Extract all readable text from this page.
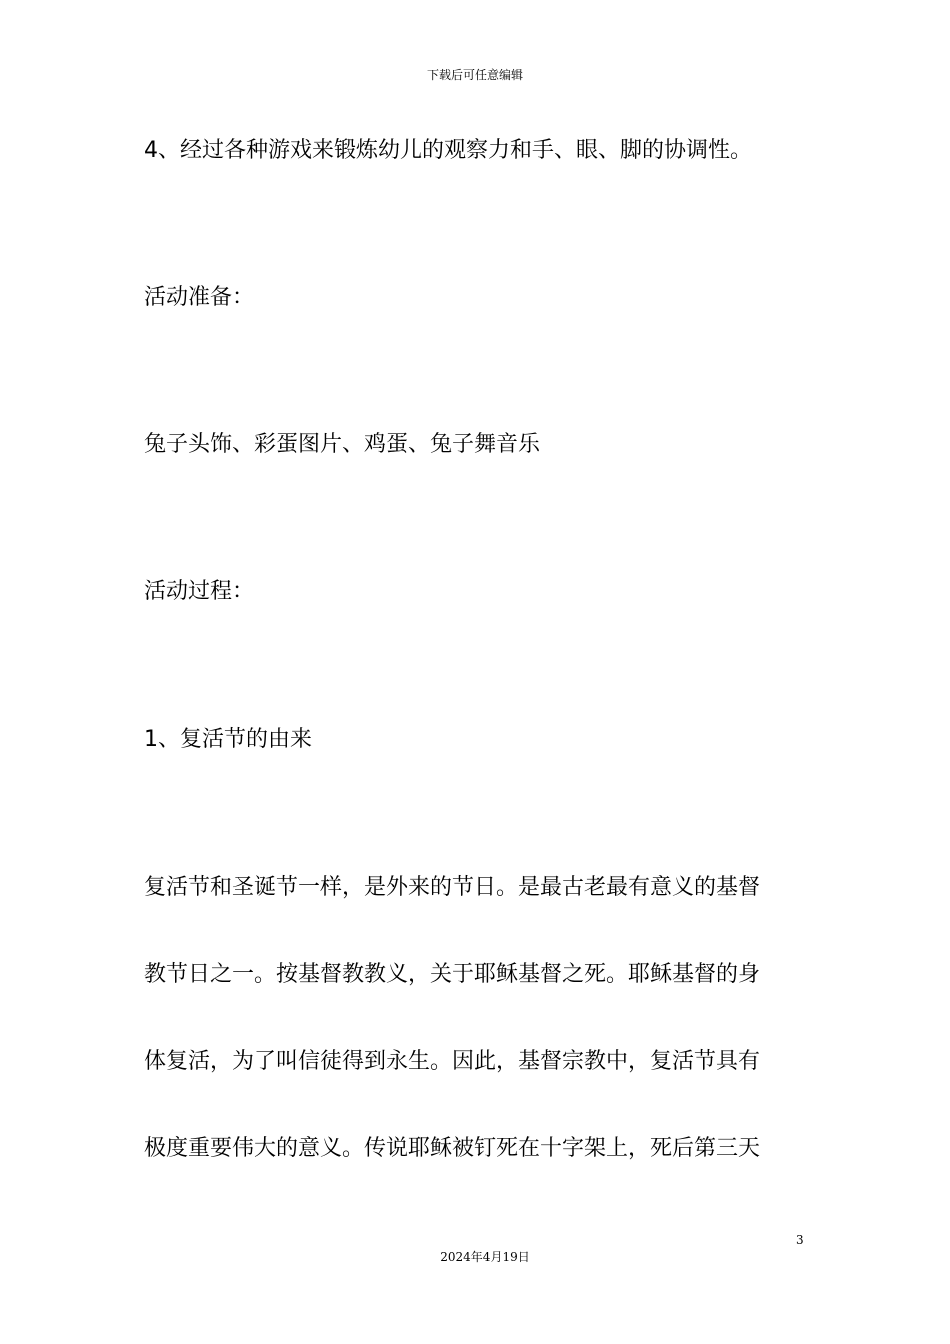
下载后可任意编辑

4、经过各种游戏来锻炼幼儿的观察力和手、眼、脚的协调性。

活动准备：

兔子头饰、彩蛋图片、鸡蛋、兔子舞音乐

活动过程：

1、复活节的由来

复活节和圣诞节一样，是外来的节日。是最古老最有意义的基督
教节日之一。按基督教教义，关于耶稣基督之死。耶稣基督的身
体复活，为了叫信徒得到永生。因此，基督宗教中，复活节具有
极度重要伟大的意义。传说耶稣被钉死在十字架上，死后第三天
3
2024年4月19日
